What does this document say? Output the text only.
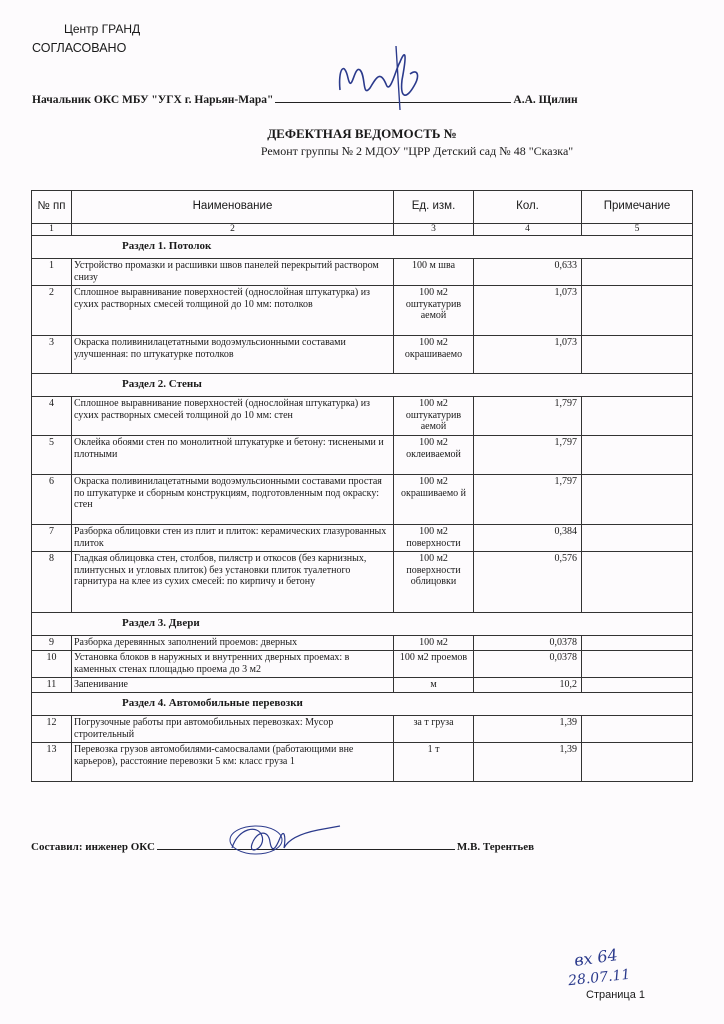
Центр ГРАНД
СОГЛАСОВАНО
Начальник ОКС МБУ "УГХ г. Нарьян-Мара"	А.А. Щилин
ДЕФЕКТНАЯ ВЕДОМОСТЬ №
Ремонт группы № 2 МДОУ "ЦРР Детский сад № 48 "Сказка"
№ пп	Наименование	Ед. изм.	Кол.	Примечание
1	2	3	4	5
Раздел 1. Потолок				
1	Устройство промазки и расшивки швов панелей перекрытий раствором снизу	100 м шва	0,633	
2	Сплошное выравнивание поверхностей (однослойная штукатурка) из сухих растворных смесей толщиной до 10 мм: потолков	100 м2 оштукатурив аемой	1,073	
3	Окраска поливинилацетатными водоэмульсионными составами улучшенная: по штукатурке потолков	100 м2 окрашиваемо	1,073	
Раздел 2. Стены				
4	Сплошное выравнивание поверхностей (однослойная штукатурка) из сухих растворных смесей толщиной до 10 мм: стен	100 м2 оштукатурив аемой	1,797	
5	Оклейка обоями стен по монолитной штукатурке и бетону: тиснеными и плотными	100 м2 оклеиваемой	1,797	
6	Окраска поливинилацетатными водоэмульсионными составами простая по штукатурке и сборным конструкциям, подготовленным под окраску: стен	100 м2 окрашиваемо й	1,797	
7	Разборка облицовки стен из плит и плиток: керамических глазурованных плиток	100 м2 поверхности	0,384	
8	Гладкая облицовка стен, столбов, пилястр и откосов (без карнизных, плинтусных и угловых плиток) без установки плиток туалетного гарнитура на клее из сухих смесей: по кирпичу и бетону	100 м2 поверхности облицовки	0,576	
Раздел 3. Двери				
9	Разборка деревянных заполнений проемов: дверных	100 м2	0,0378	
10	Установка блоков в наружных и внутренних дверных проемах: в каменных стенах площадью проема до 3 м2	100 м2 проемов	0,0378	
11	Запенивание	м	10,2	
Раздел 4. Автомобильные перевозки				
12	Погрузочные работы при автомобильных перевозках: Мусор строительный	за т груза	1,39	
13	Перевозка грузов автомобилями-самосвалами (работающими вне карьеров), расстояние перевозки 5 км: класс груза 1	1 т	1,39	
Составил: инженер ОКС	М.В. Терентьев
вх 64
28.07.11
Страница 1
